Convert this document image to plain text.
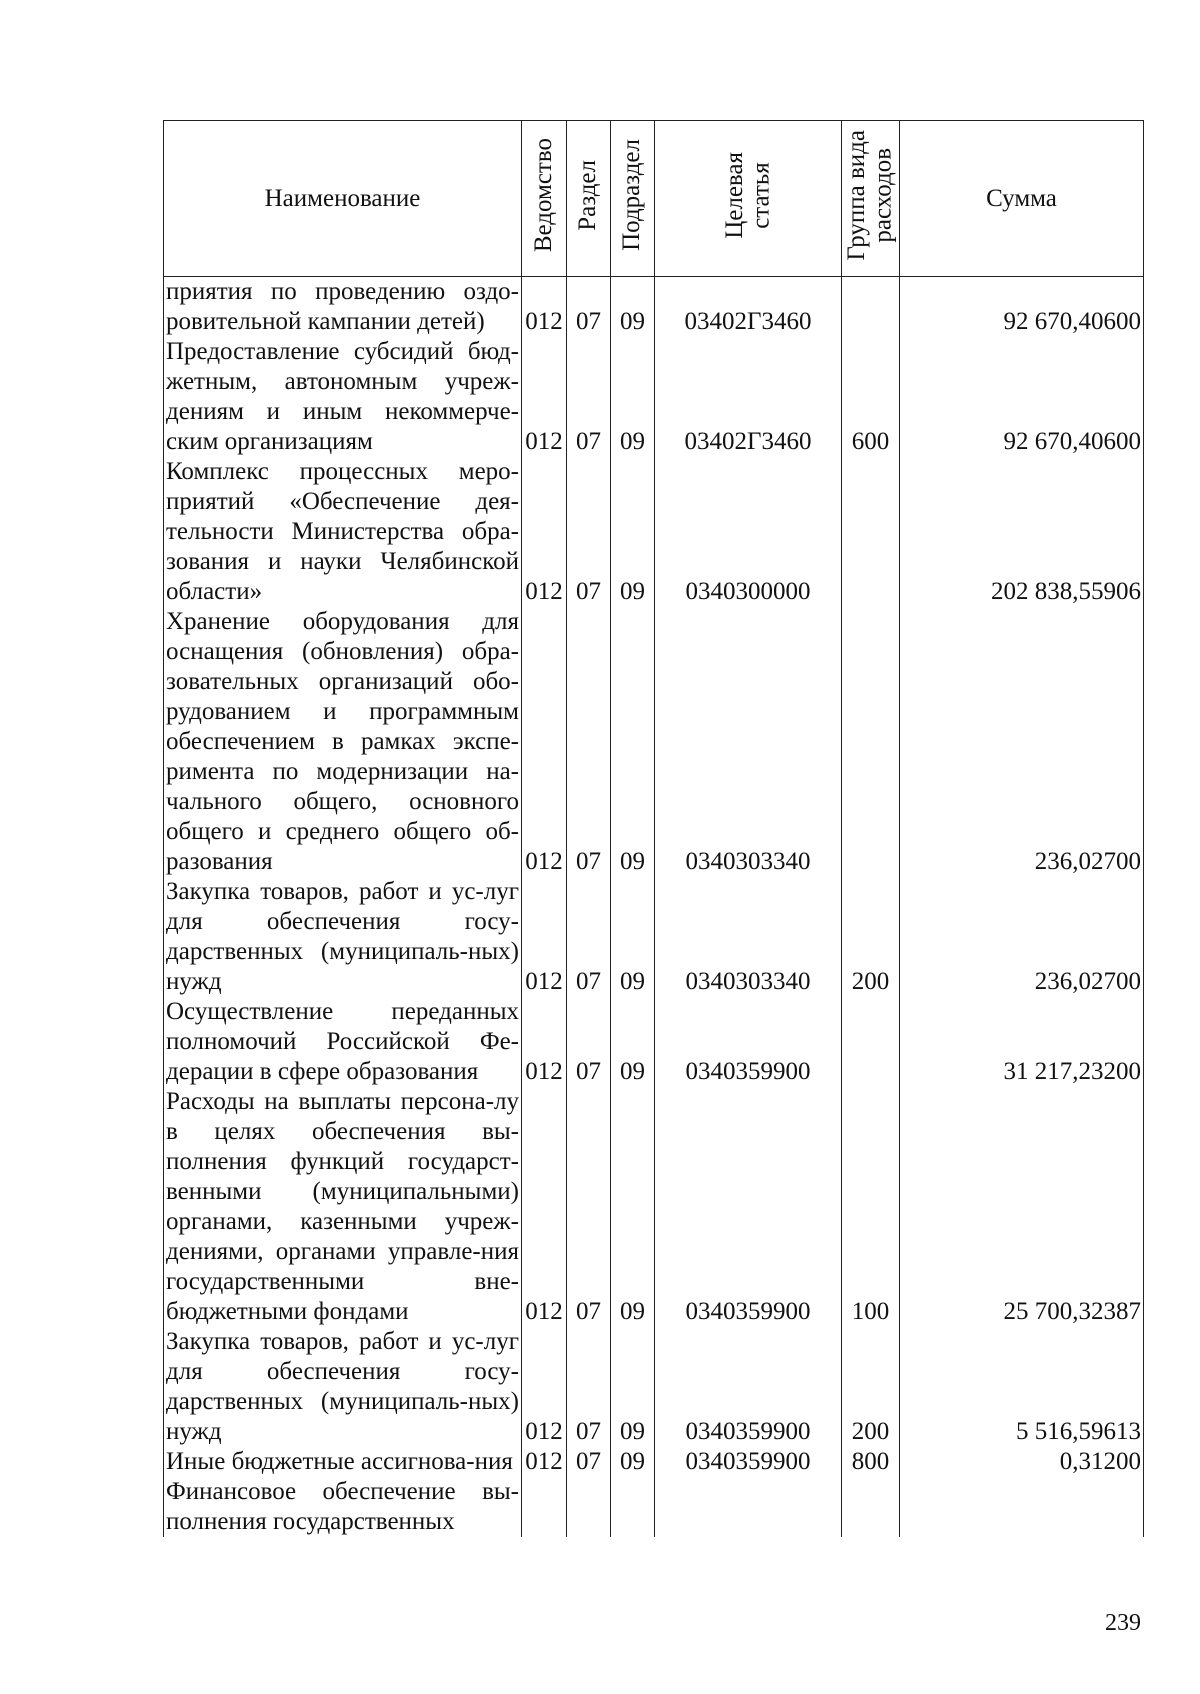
Наименование	Ведомство	Раздел	Подраздел	Целевая
статья	Группа вида
расходов	Сумма
приятия по проведению оздо-ровительной кампании детей)	012	07	09	03402Г3460		92 670,40600
Предоставление субсидий бюд-жетным, автономным учреж-дениям и иным некоммерче-ским организациям	012	07	09	03402Г3460	600	92 670,40600
Комплекс процессных меро-приятий «Обеспечение дея-тельности Министерства обра-зования и науки Челябинской области»	012	07	09	0340300000		202 838,55906
Хранение оборудования для оснащения (обновления) обра-зовательных организаций обо-рудованием и программным обеспечением в рамках экспе-римента по модернизации на-чального общего, основного общего и среднего общего об-разования	012	07	09	0340303340		236,02700
Закупка товаров, работ и ус-луг для обеспечения госу-дарственных (муниципаль-ных) нужд	012	07	09	0340303340	200	236,02700
Осуществление переданных полномочий Российской Фе-дерации в сфере образования	012	07	09	0340359900		31 217,23200
Расходы на выплаты персона-лу в целях обеспечения вы-полнения функций государст-венными (муниципальными) органами, казенными учреж-дениями, органами управле-ния государственными вне-бюджетными фондами	012	07	09	0340359900	100	25 700,32387
Закупка товаров, работ и ус-луг для обеспечения госу-дарственных (муниципаль-ных) нужд	012	07	09	0340359900	200	5 516,59613
Иные бюджетные ассигнова-ния	012	07	09	0340359900	800	0,31200
Финансовое обеспечение вы-полнения государственных						
239
